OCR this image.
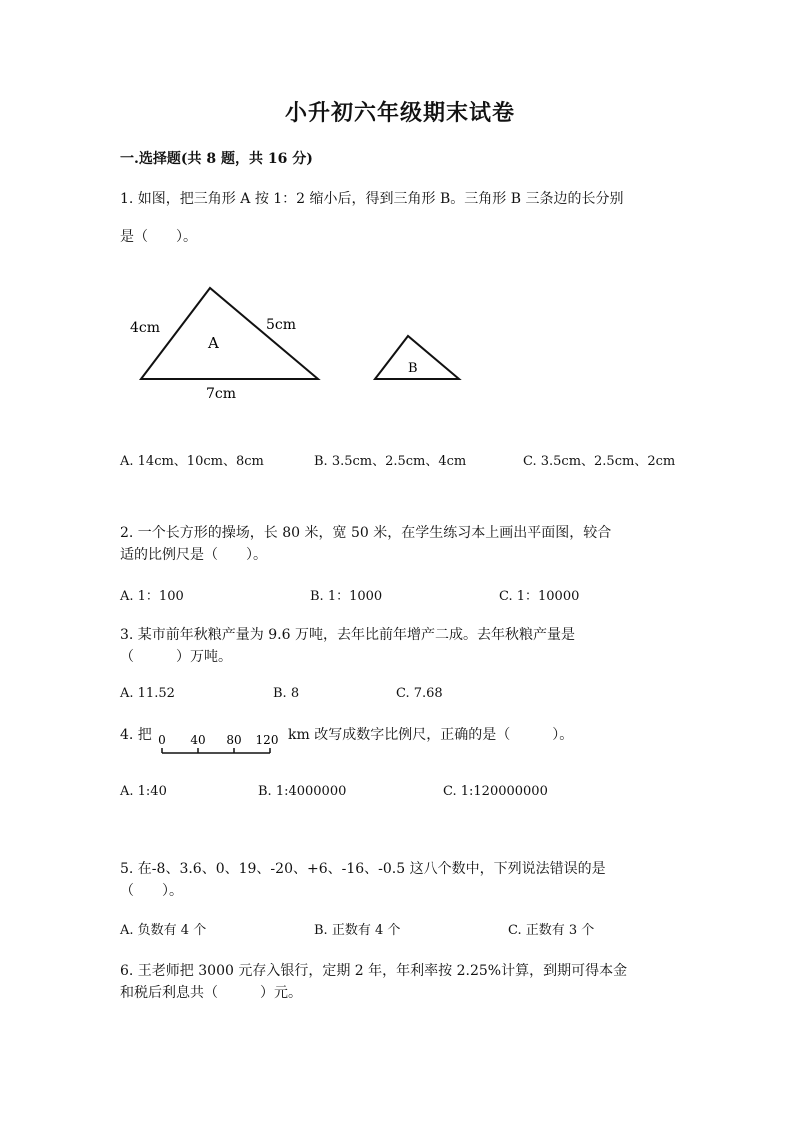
小升初六年级期末试卷
一.选择题(共 8 题，共 16 分)
1. 如图，把三角形 A 按 1：2 缩小后，得到三角形 B。三角形 B 三条边的长分别
是（　　）。
4cm	5cm
7cm
A
B
A. 14cm、10cm、8cm	B. 3.5cm、2.5cm、4cm	C. 3.5cm、2.5cm、2cm
2. 一个长方形的操场，长 80 米，宽 50 米，在学生练习本上画出平面图，较合
适的比例尺是（　　）。
A. 1：100	B. 1：1000	C. 1：10000
3. 某市前年秋粮产量为 9.6 万吨，去年比前年增产二成。去年秋粮产量是
（　　　）万吨。
A. 11.52	B. 8	C. 7.68
4. 把 0 40 80 120 km 改写成数字比例尺，正确的是（　　　）。
A. 1:40	B. 1:4000000	C. 1:120000000
5. 在-8、3.6、0、19、-20、+6、-16、-0.5 这八个数中，下列说法错误的是
（　　）。
A. 负数有 4 个	B. 正数有 4 个	C. 正数有 3 个
6. 王老师把 3000 元存入银行，定期 2 年，年利率按 2.25%计算，到期可得本金
和税后利息共（　　　）元。
